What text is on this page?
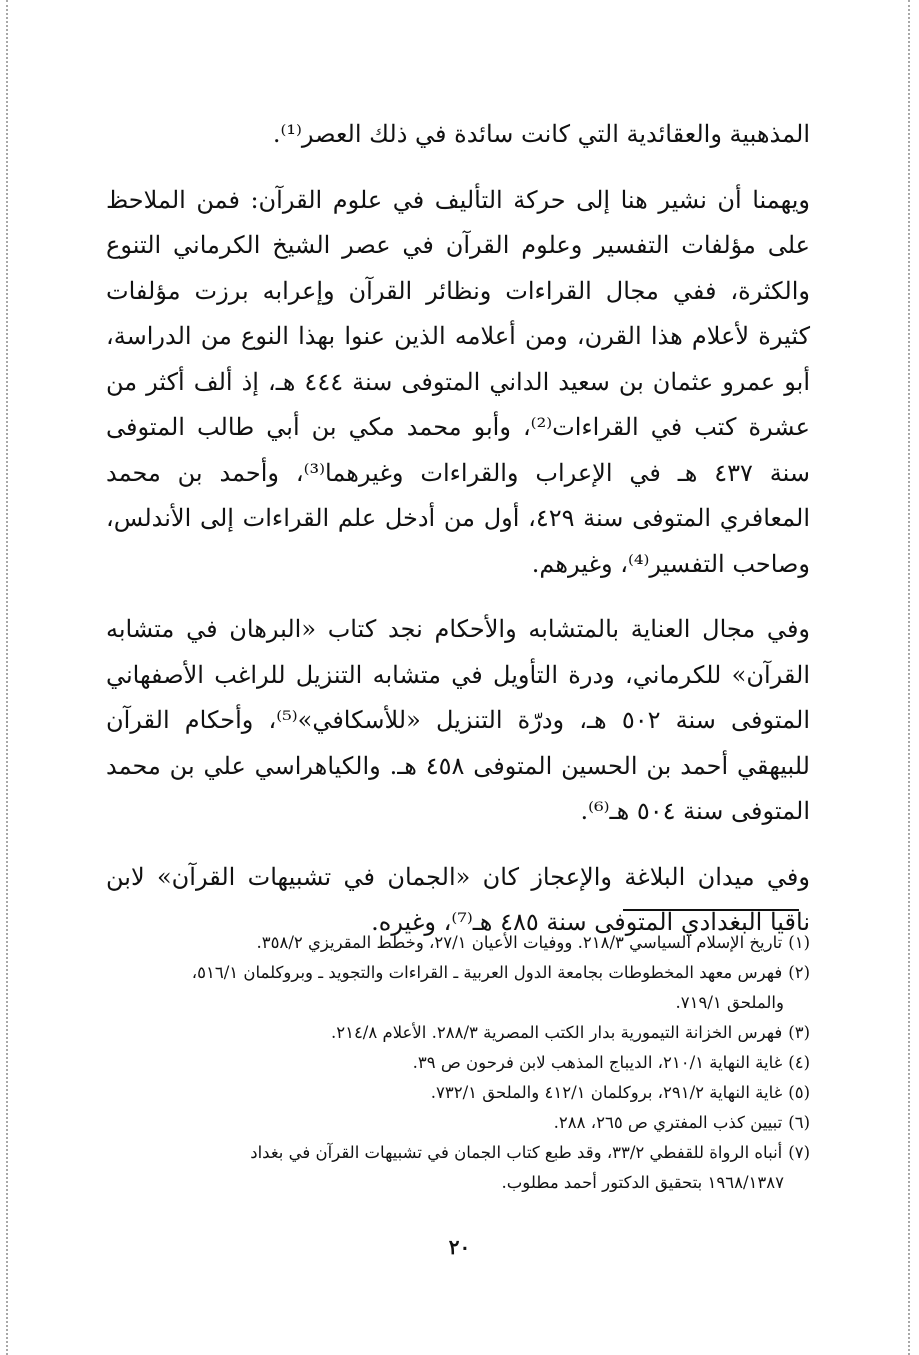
المذهبية والعقائدية التي كانت سائدة في ذلك العصر⁽¹⁾.

ويهمنا أن نشير هنا إلى حركة التأليف في علوم القرآن: فمن الملاحظ على مؤلفات التفسير وعلوم القرآن في عصر الشيخ الكرماني التنوع والكثرة، ففي مجال القراءات ونظائر القرآن وإعرابه برزت مؤلفات كثيرة لأعلام هذا القرن، ومن أعلامه الذين عنوا بهذا النوع من الدراسة، أبو عمرو عثمان بن سعيد الداني المتوفى سنة ٤٤٤ هـ، إذ ألف أكثر من عشرة كتب في القراءات⁽²⁾، وأبو محمد مكي بن أبي طالب المتوفى سنة ٤٣٧ هـ في الإعراب والقراءات وغيرهما⁽³⁾، وأحمد بن محمد المعافري المتوفى سنة ٤٢٩، أول من أدخل علم القراءات إلى الأندلس، وصاحب التفسير⁽⁴⁾، وغيرهم.

وفي مجال العناية بالمتشابه والأحكام نجد كتاب «البرهان في متشابه القرآن» للكرماني، ودرة التأويل في متشابه التنزيل للراغب الأصفهاني المتوفى سنة ٥٠٢ هـ، ودرّة التنزيل «للأسكافي»⁽⁵⁾، وأحكام القرآن للبيهقي أحمد بن الحسين المتوفى ٤٥٨ هـ. والكياهراسي علي بن محمد المتوفى سنة ٥٠٤ هـ⁽⁶⁾.

وفي ميدان البلاغة والإعجاز كان «الجمان في تشبيهات القرآن» لابن ناقيا البغدادي المتوفى سنة ٤٨٥ هـ⁽⁷⁾، وغيره.

(١)تاريخ الإسلام السياسي ٢١٨/٣. ووفيات الأعيان ٢٧/١، وخطط المقريزي ٣٥٨/٢.

(٢)فهرس معهد المخطوطات بجامعة الدول العربية ـ القراءات والتجويد ـ وبروكلمان ٥١٦/١،

والملحق ٧١٩/١.

(٣)فهرس الخزانة التيمورية بدار الكتب المصرية ٢٨٨/٣. الأعلام ٢١٤/٨.

(٤)غاية النهاية ٢١٠/١، الديباج المذهب لابن فرحون ص ٣٩.

(٥)غاية النهاية ٢٩١/٢، بروكلمان ٤١٢/١ والملحق ٧٣٢/١.

(٦)تبيين كذب المفتري ص ٢٦٥، ٢٨٨.

(٧)أنباه الرواة للقفطي ٣٣/٢، وقد طبع كتاب الجمان في تشبيهات القرآن في بغداد

١٩٦٨/١٣٨٧ بتحقيق الدكتور أحمد مطلوب.

٢٠
